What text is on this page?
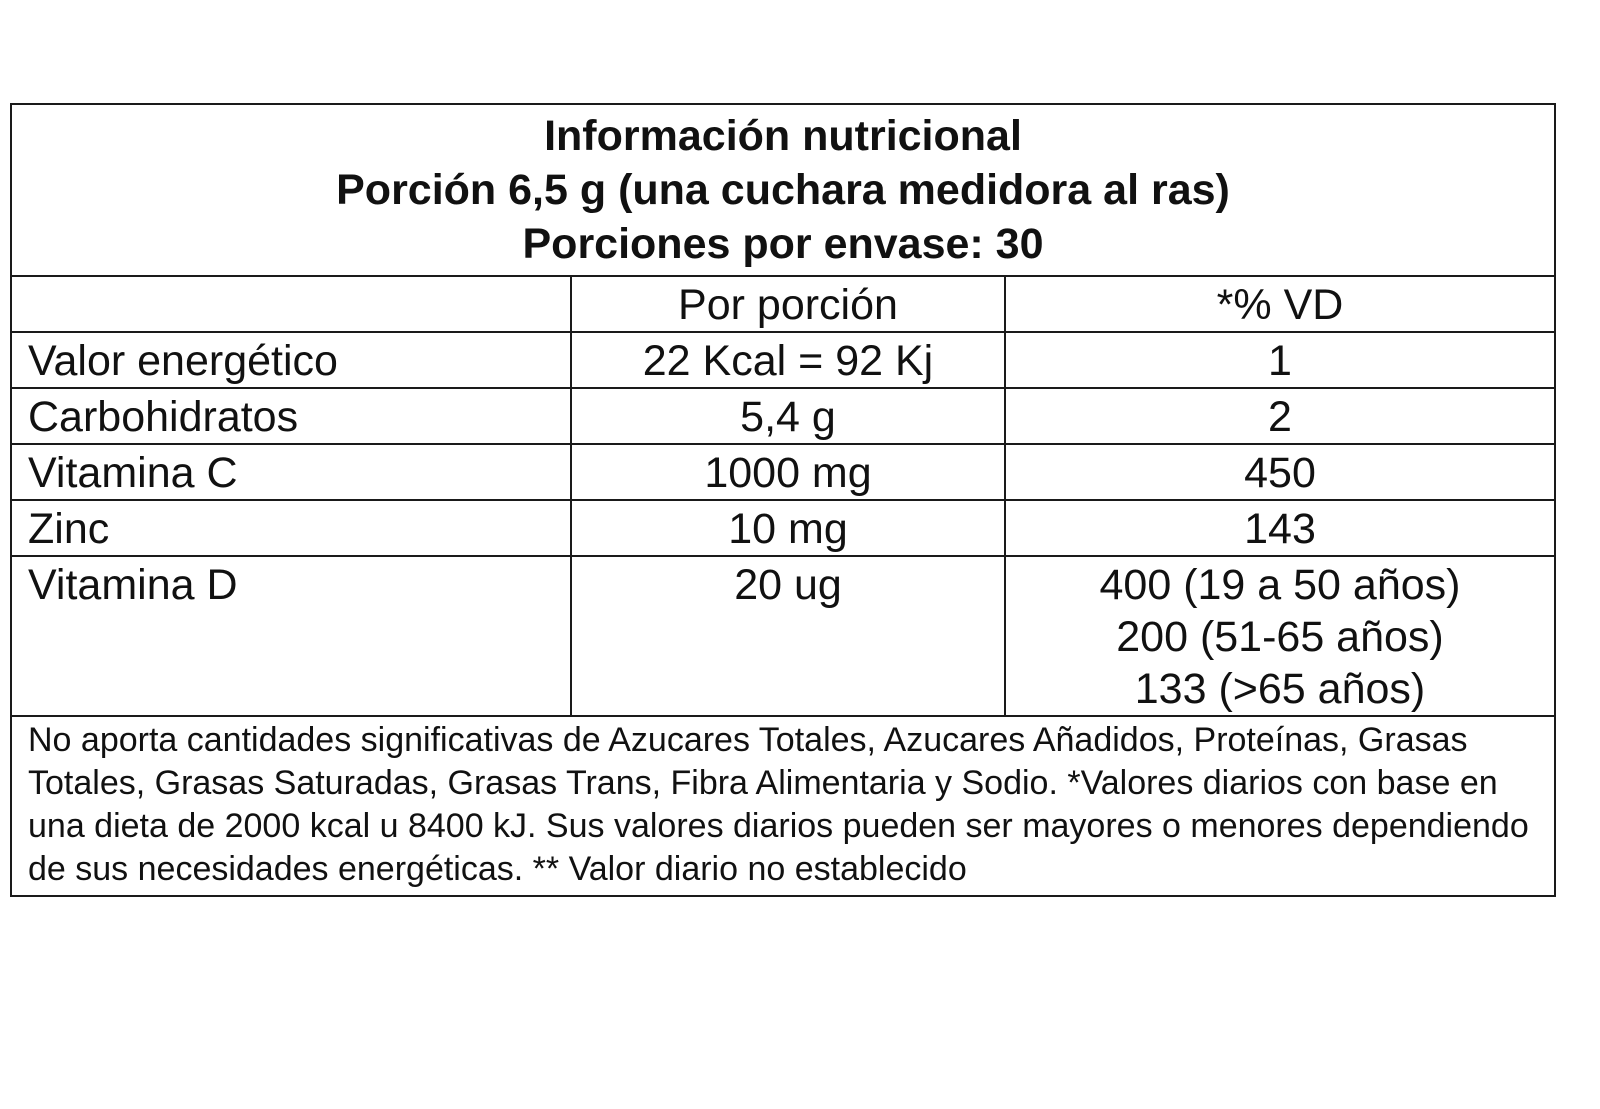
Información nutricional
Porción 6,5 g (una cuchara medidora al ras)
Porciones por envase: 30
	Por porción	*% VD
Valor energético	22 Kcal = 92 Kj	1
Carbohidratos	5,4 g	2
Vitamina C	1000 mg	450
Zinc	10 mg	143
Vitamina D	20 ug	400 (19 a 50 años)
200 (51-65 años)
133 (>65 años)
No aporta cantidades significativas de Azucares Totales, Azucares Añadidos, Proteínas, Grasas Totales, Grasas Saturadas, Grasas Trans, Fibra Alimentaria y Sodio. *Valores diarios con base en una dieta de 2000 kcal u 8400 kJ. Sus valores diarios pueden ser mayores o menores dependiendo de sus necesidades energéticas. ** Valor diario no establecido
